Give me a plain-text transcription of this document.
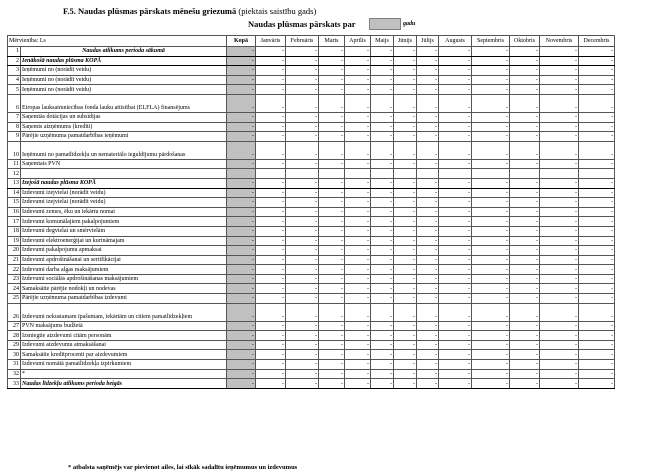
F.5. Naudas plūsmas pārskats mēnešu griezumā (piektais saistību gads)
Naudas plūsmas pārskats par	gadu
Mērvienība: Ls		Kopā	Janvāris	Februāris	Marts	Aprīlis	Maijs	Jūnijs	Jūlijs	Augusts	Septembris	Oktobris	Novembris	Decembris
1	Naudas atlikums perioda sākumā	-	-	-	-	-	-	-	-	-	-	-	-	-
2	Ienākošā naudas plūsma KOPĀ	-	-	-	-	-	-	-	-	-	-	-	-	-
3	Ieņēmumi no (norādīt veidu)	-	-	-	-	-	-	-	-	-	-	-	-	-
4	Ieņēmumi no (norādīt veidu)	-	-	-	-	-	-	-	-	-	-	-	-	-
5	Ieņēmumi no (norādīt veidu)	-	-	-	-	-	-	-	-	-	-	-	-	-
6	Eiropas lauksaimniecības fonda lauku attīstībai (ELFLA) finansējums	-	-	-	-	-	-	-	-	-	-	-	-	-
7	Saņemtās dotācijas un subsīdijas	-	-	-	-	-	-	-	-	-	-	-	-	-
8	Saņemts aizņēmums (kredīti)	-	-	-	-	-	-	-	-	-	-	-	-	-
9	Pārējie uzņēmuma pamatdarbības ieņēmumi	-	-	-	-	-	-	-	-	-	-	-	-	-
10	Ieņēmumi no pamatlīdzekļu un nemateriālo ieguldījumu pārdošanas	-	-	-	-	-	-	-	-	-	-	-	-	-
11	Saņemtais PVN	-	-	-	-	-	-	-	-	-	-	-	-	-
12														
13	Izejošā naudas plūsma KOPĀ	-	-	-	-	-	-	-	-	-	-	-	-	-
14	Izdevumi izejvielai (norādīt veidu)	-	-	-	-	-	-	-	-	-	-	-	-	-
15	Izdevumi izejvielai (norādīt veidu)	-	-	-	-	-	-	-	-	-	-	-	-	-
16	Izdevumi zemes, ēku un iekārtu nomai	-	-	-	-	-	-	-	-	-	-	-	-	-
17	Izdevumi komunālajiem pakalpojumiem	-	-	-	-	-	-	-	-	-	-	-	-	-
18	Izdevumi degvielai un smērvielām	-	-	-	-	-	-	-	-	-	-	-	-	-
19	Izdevumi elektroenerģijai un kurināmajam	-	-	-	-	-	-	-	-	-	-	-	-	-
20	Izdevumi pakalpojumu apmaksai	-	-	-	-	-	-	-	-	-	-	-	-	-
21	Izdevumi apdrošināšanai un sertifikācijai	-	-	-	-	-	-	-	-	-	-	-	-	-
22	Izdevumi darba algas maksājumiem	-	-	-	-	-	-	-	-	-	-	-	-	-
23	Izdevumi sociālās apdrošināšanas maksājumiem	-	-	-	-	-	-	-	-	-	-	-	-	-
24	Samaksātie pārējie nodokļi un nodevas	-	-	-	-	-	-	-	-	-	-	-	-	-
25	Pārējie uzņēmuma pamatdarbības izdevumi	-	-	-	-	-	-	-	-	-	-	-	-	-
26	Izdevumi nekustamam īpašumam, iekārtām un citiem pamatlīdzekļiem	-	-	-	-	-	-	-	-	-	-	-	-	-
27	PVN maksājums budžetā	-	-	-	-	-	-	-	-	-	-	-	-	-
28	Izsniegtie aizdevumi citām personām	-	-	-	-	-	-	-	-	-	-	-	-	-
29	Izdevumi aizdevumu atmaksāšanai	-	-	-	-	-	-	-	-	-	-	-	-	-
30	Samaksātie kredītprocenti par aizdevumiem	-	-	-	-	-	-	-	-	-	-	-	-	-
31	Izdevumi nomātā pamatlīdzekļa izpirkumiem	-	-	-	-	-	-	-	-	-	-	-	-	-
32	*	-	-	-	-	-	-	-	-	-	-	-	-	-
33	Naudas līdzekļu atlikums perioda beigās	-	-	-	-	-	-	-	-	-	-	-	-	-
* atbalsta saņēmējs var pievienot ailes, lai sīkāk sadalītu ieņēmumus un izdevumus
